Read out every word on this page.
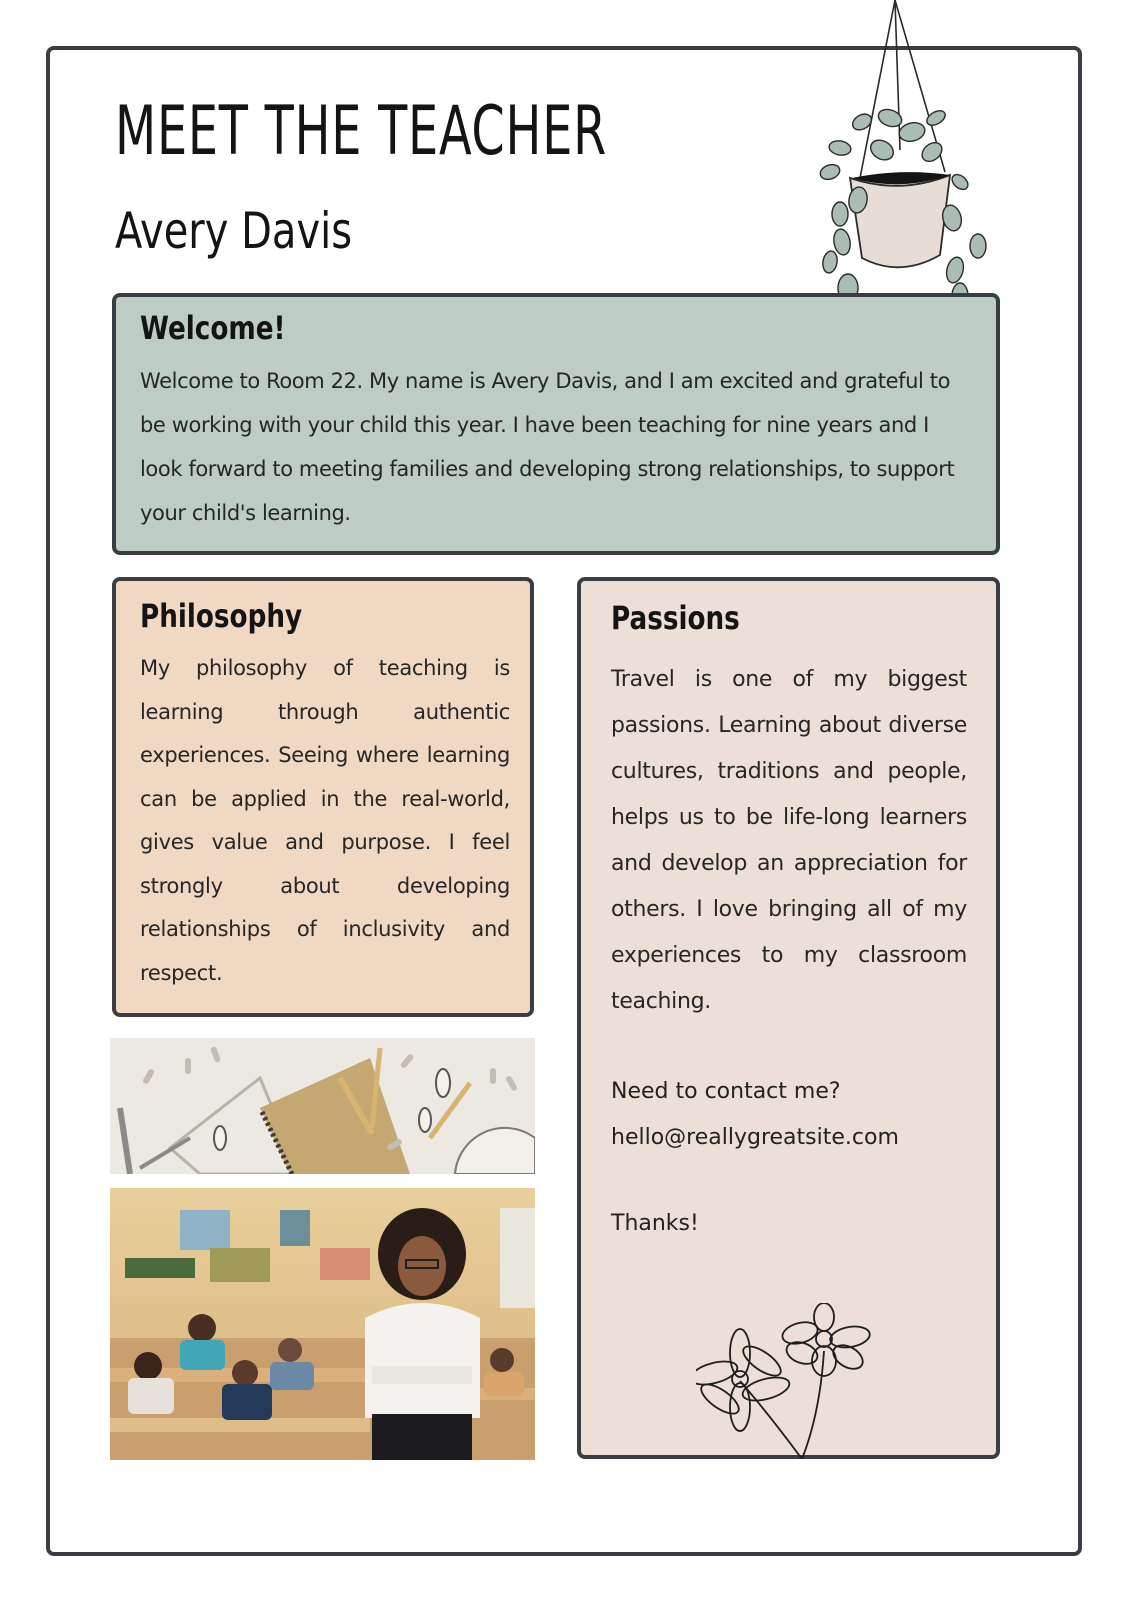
MEET THE TEACHER
Avery Davis
Welcome!

Welcome to Room 22. My name is Avery Davis, and I am excited and grateful to be working with your child this year. I have been teaching for nine years and I look forward to meeting families and developing strong relationships, to support your child's learning.

Philosophy

My philosophy of teaching is learning through authentic experiences. Seeing where learning can be applied in the real-world, gives value and purpose. I feel strongly about developing relationships of inclusivity and respect.

Passions

Travel is one of my biggest passions. Learning about diverse cultures, traditions and people, helps us to be life-long learners and develop an appreciation for others. I love bringing all of my experiences to my classroom teaching.

Need to contact me?
hello@reallygreatsite.com
Thanks!
